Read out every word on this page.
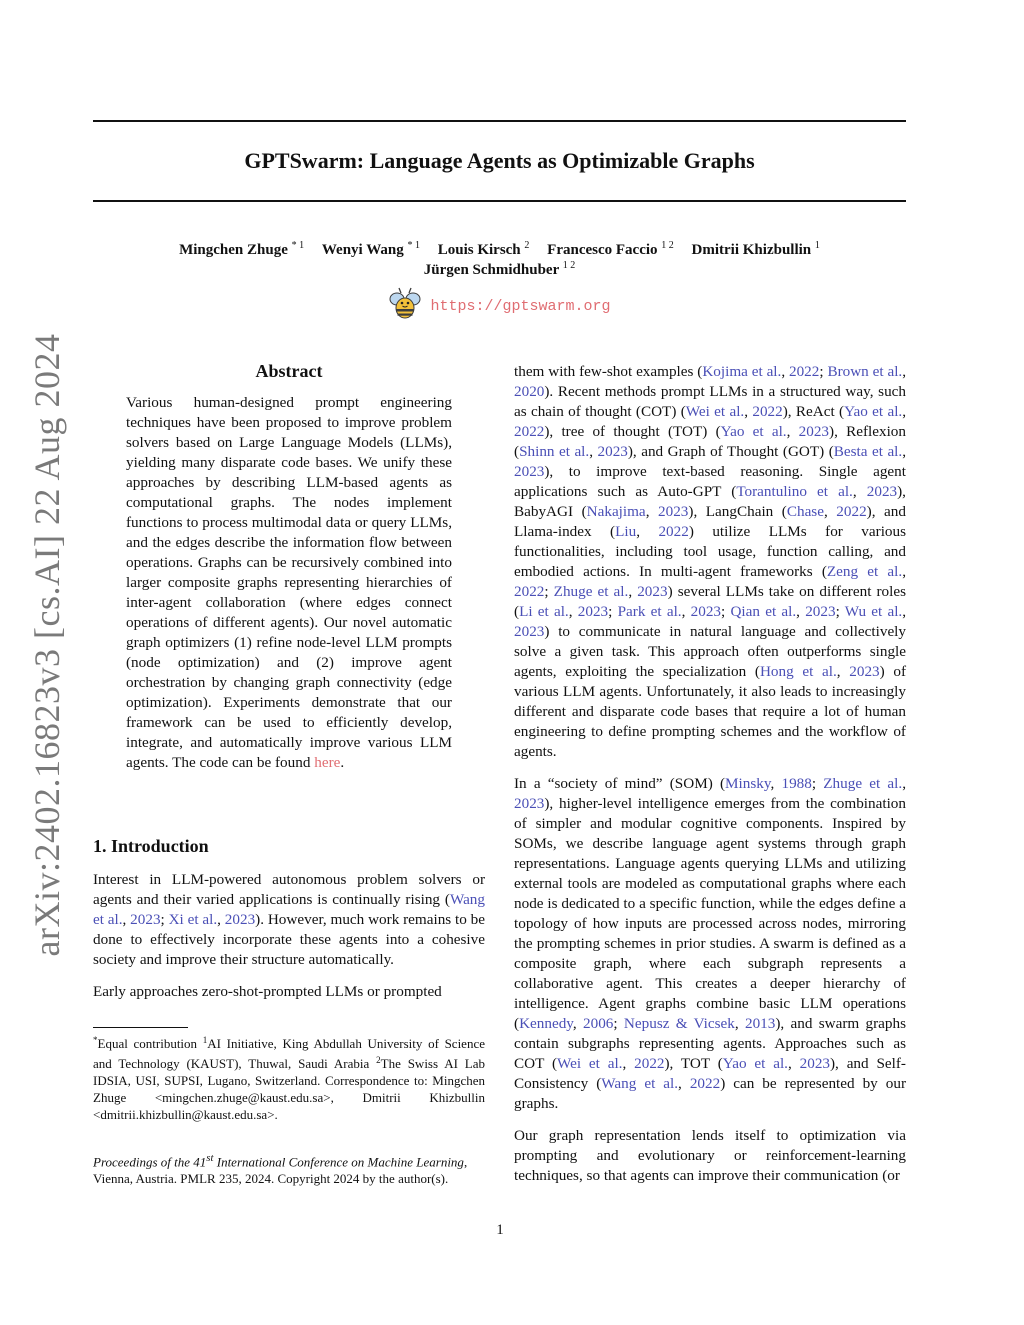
GPTSwarm: Language Agents as Optimizable Graphs
Mingchen Zhuge $^{* 1}$ Wenyi Wang $^{* 1}$ Louis Kirsch $^2$ Francesco Faccio $^{1 2}$ Dmitrii Khizbullin $^1$
Jürgen Schmidhuber $^{1 2}$
https://gptswarm.org
arXiv:2402.16823v3 [cs.AI] 22 Aug 2024	Abstract
Various human-designed prompt engineering techniques have been proposed to improve problem solvers based on Large Language Models (LLMs), yielding many disparate code bases. We unify these approaches by describing LLM-based agents as computational graphs. The nodes implement functions to process multimodal data or query LLMs, and the edges describe the information flow between operations. Graphs can be recursively combined into larger composite graphs representing hierarchies of inter-agent collaboration (where edges connect operations of different agents). Our novel automatic graph optimizers (1) refine node-level LLM prompts (node optimization) and (2) improve agent orchestration by changing graph connectivity (edge optimization). Experiments demonstrate that our framework can be used to efficiently develop, integrate, and automatically improve various LLM agents. The code can be found here.
1. Introduction

Interest in LLM-powered autonomous problem solvers or agents and their varied applications is continually rising (Wang et al., 2023; Xi et al., 2023). However, much work remains to be done to effectively incorporate these agents into a cohesive society and improve their structure automatically.

Early approaches zero-shot-prompted LLMs or prompted

them with few-shot examples (Kojima et al., 2022; Brown et al., 2020). Recent methods prompt LLMs in a structured way, such as chain of thought (COT) (Wei et al., 2022), ReAct (Yao et al., 2022), tree of thought (TOT) (Yao et al., 2023), Reflexion (Shinn et al., 2023), and Graph of Thought (GOT) (Besta et al., 2023), to improve text-based reasoning. Single agent applications such as Auto-GPT (Torantulino et al., 2023), BabyAGI (Nakajima, 2023), LangChain (Chase, 2022), and Llama-index (Liu, 2022) utilize LLMs for various functionalities, including tool usage, function calling, and embodied actions. In multi-agent frameworks (Zeng et al., 2022; Zhuge et al., 2023) several LLMs take on different roles (Li et al., 2023; Park et al., 2023; Qian et al., 2023; Wu et al., 2023) to communicate in natural language and collectively solve a given task. This approach often outperforms single agents, exploiting the specialization (Hong et al., 2023) of various LLM agents. Unfortunately, it also leads to increasingly different and disparate code bases that require a lot of human engineering to define prompting schemes and the workflow of agents.

In a “society of mind” (SOM) (Minsky, 1988; Zhuge et al., 2023), higher-level intelligence emerges from the combination of simpler and modular cognitive components. Inspired by SOMs, we describe language agent systems through graph representations. Language agents querying LLMs and utilizing external tools are modeled as computational graphs where each node is dedicated to a specific function, while the edges define a topology of how inputs are processed across nodes, mirroring the prompting schemes in prior studies. A swarm is defined as a composite graph, where each subgraph represents a collaborative agent. This creates a deeper hierarchy of intelligence. Agent graphs combine basic LLM operations (Kennedy, 2006; Nepusz & Vicsek, 2013), and swarm graphs contain subgraphs representing agents. Approaches such as COT (Wei et al., 2022), TOT (Yao et al., 2023), and Self-Consistency (Wang et al., 2022) can be represented by our graphs.

Our graph representation lends itself to optimization via prompting and evolutionary or reinforcement-learning techniques, so that agents can improve their communication (or

*Equal contribution $^1$AI Initiative, King Abdullah University of Science and Technology (KAUST), Thuwal, Saudi Arabia $^2$The Swiss AI Lab IDSIA, USI, SUPSI, Lugano, Switzerland. Correspondence to: Mingchen Zhuge <mingchen.zhuge@kaust.edu.sa>, Dmitrii Khizbullin <dmitrii.khizbullin@kaust.edu.sa>.
Proceedings of the 41st International Conference on Machine Learning, Vienna, Austria. PMLR 235, 2024. Copyright 2024 by the author(s).
1
